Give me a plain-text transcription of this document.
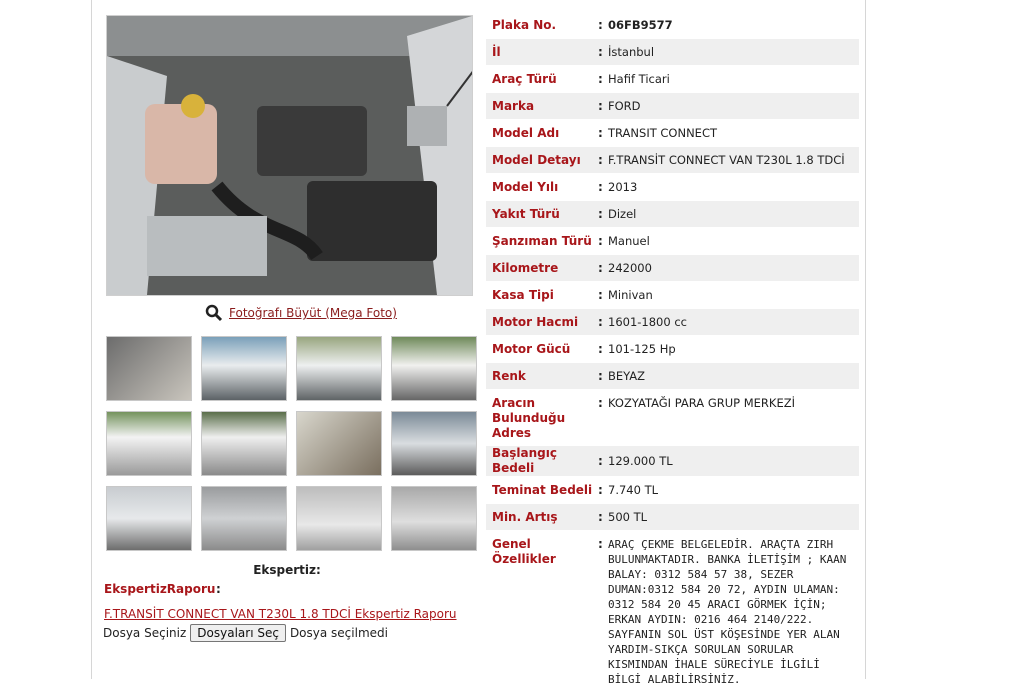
Fotoğrafı Büyüt (Mega Foto)
Ekspertiz:
EkspertizRaporu :
F.TRANSİT CONNECT VAN T230L 1.8 TDCİ Ekspertiz Raporu
Dosya Seçiniz Dosyaları Seç Dosya seçilmedi
Plaka No.	: 06FB9577
İl	: İstanbul
Araç Türü	: Hafif Ticari
Marka	: FORD
Model Adı	: TRANSIT CONNECT
Model Detayı	: F.TRANSİT CONNECT VAN T230L 1.8 TDCİ
Model Yılı	: 2013
Yakıt Türü	: Dizel
Şanzıman Türü : Manuel
Kilometre	: 242000
Kasa Tipi	: Minivan
Motor Hacmi	: 1601-1800 cc
Motor Gücü	: 101-125 Hp
Renk	: BEYAZ
Aracın Bulunduğu Adres
: KOZYATAĞI PARA GRUP MERKEZİ
Başlangıç Bedeli	: 129.000 TL
Teminat Bedeli : 7.740 TL
Min. Artış	: 500 TL
Genel Özellikler
: ARAÇ ÇEKME BELGELEDİR. ARAÇTA ZIRH BULUNMAKTADIR. BANKA İLETİŞİM ; KAAN BALAY: 0312 584 57 38, SEZER DUMAN:0312 584 20 72, AYDIN ULAMAN: 0312 584 20 45 ARACI GÖRMEK İÇİN; ERKAN AYDIN: 0216 464 2140/222. SAYFANIN SOL ÜST KÖŞESİNDE YER ALAN YARDIM-SIKÇA SORULAN SORULAR KISMINDAN İHALE SÜRECİYLE İLGİLİ BİLGİ ALABİLİRSİNİZ.
